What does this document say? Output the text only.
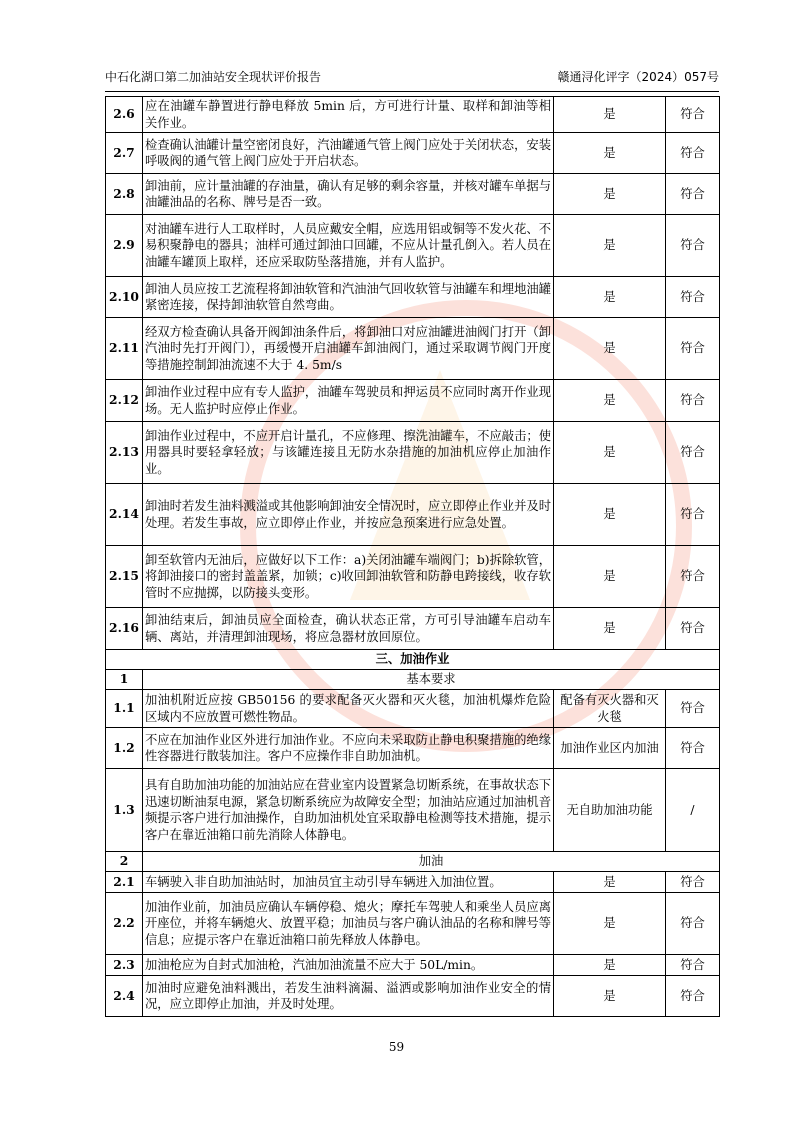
中石化湖口第二加油站安全现状评价报告	赣通浔化评字（2024）057号
2.6	应在油罐车静置进行静电释放 5min 后，方可进行计量、取样和卸油等相关作业。	是	符合
2.7	检查确认油罐计量空密闭良好，汽油罐通气管上阀门应处于关闭状态，安装呼吸阀的通气管上阀门应处于开启状态。	是	符合
2.8	卸油前，应计量油罐的存油量，确认有足够的剩余容量，并核对罐车单据与油罐油品的名称、牌号是否一致。	是	符合
2.9	对油罐车进行人工取样时，人员应戴安全帽，应选用铝或铜等不发火花、不易积聚静电的器具；油样可通过卸油口回罐，不应从计量孔倒入。若人员在油罐车罐顶上取样，还应采取防坠落措施，并有人监护。	是	符合
2.10	卸油人员应按工艺流程将卸油软管和汽油油气回收软管与油罐车和埋地油罐紧密连接，保持卸油软管自然弯曲。	是	符合
2.11	经双方检查确认具备开阀卸油条件后，将卸油口对应油罐进油阀门打开（卸汽油时先打开阀门），再缓慢开启油罐车卸油阀门，通过采取调节阀门开度等措施控制卸油流速不大于 4. 5m/s	是	符合
2.12	卸油作业过程中应有专人监护，油罐车驾驶员和押运员不应同时离开作业现场。无人监护时应停止作业。	是	符合
2.13	卸油作业过程中，不应开启计量孔，不应修理、擦洗油罐车，不应敲击；使用器具时要轻拿轻放；与该罐连接且无防水杂措施的加油机应停止加油作业。	是	符合
2.14	卸油时若发生油料溅溢或其他影响卸油安全情况时，应立即停止作业并及时处理。若发生事故，应立即停止作业，并按应急预案进行应急处置。	是	符合
2.15	卸至软管内无油后，应做好以下工作：a)关闭油罐车端阀门；b)拆除软管，将卸油接口的密封盖盖紧，加锁；c)收回卸油软管和防静电跨接线，收存软管时不应抛掷，以防接头变形。	是	符合
2.16	卸油结束后，卸油员应全面检查，确认状态正常，方可引导油罐车启动车辆、离站，并清理卸油现场，将应急器材放回原位。	是	符合
三、加油作业			
1	基本要求		
1.1	加油机附近应按 GB50156 的要求配备灭火器和灭火毯，加油机爆炸危险区域内不应放置可燃性物品。	配备有灭火器和灭火毯	符合
1.2	不应在加油作业区外进行加油作业。不应向未采取防止静电积聚措施的绝缘性容器进行散装加注。客户不应操作非自助加油机。	加油作业区内加油	符合
1.3	具有自助加油功能的加油站应在营业室内设置紧急切断系统，在事故状态下迅速切断油泵电源，紧急切断系统应为故障安全型；加油站应通过加油机音频提示客户进行加油操作，自助加油机处宜采取静电检测等技术措施，提示客户在靠近油箱口前先消除人体静电。	无自助加油功能	/
2	加油		
2.1	车辆驶入非自助加油站时，加油员宜主动引导车辆进入加油位置。	是	符合
2.2	加油作业前，加油员应确认车辆停稳、熄火；摩托车驾驶人和乘坐人员应离开座位，并将车辆熄火、放置平稳；加油员与客户确认油品的名称和牌号等信息；应提示客户在靠近油箱口前先释放人体静电。	是	符合
2.3	加油枪应为自封式加油枪，汽油加油流量不应大于 50L/min。	是	符合
2.4	加油时应避免油料溅出，若发生油料滴漏、溢洒或影响加油作业安全的情况，应立即停止加油，并及时处理。	是	符合
59
